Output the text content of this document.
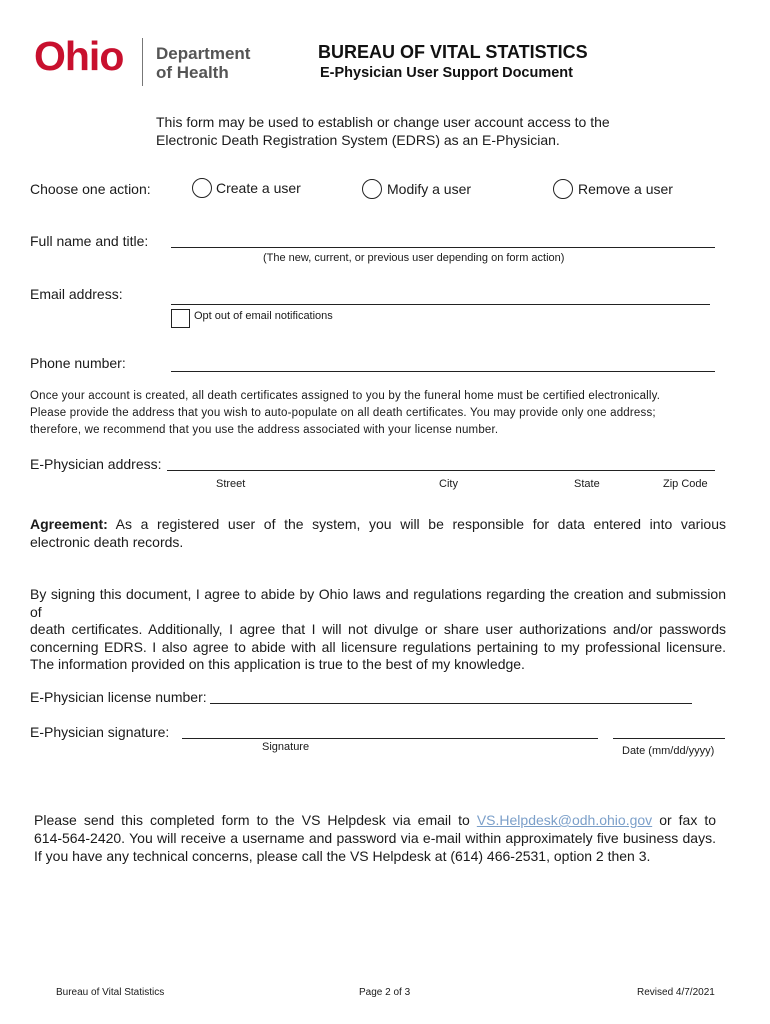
Ohio Department
of Health
BUREAU OF VITAL STATISTICS
E-Physician User Support Document
This form may be used to establish or change user account access to the
Electronic Death Registration System (EDRS) as an E-Physician.
Choose one action:	Create a user	Modify a user	Remove a user
Full name and title:
(The new, current, or previous user depending on form action)
Email address:
Opt out of email notifications
Phone number:
Once your account is created, all death certificates assigned to you by the funeral home must be certified electronically.
Please provide the address that you wish to auto-populate on all death certificates. You may provide only one address;
therefore, we recommend that you use the address associated with your license number.
E-Physician address:
Street	City	State	Zip Code
Agreement: As a registered user of the system, you will be responsible for data entered into various
electronic death records.
By signing this document, I agree to abide by Ohio laws and regulations regarding the creation and submission of
death certificates. Additionally, I agree that I will not divulge or share user authorizations and/or passwords
concerning EDRS. I also agree to abide with all licensure regulations pertaining to my professional licensure.
The information provided on this application is true to the best of my knowledge.
E-Physician license number:
E-Physician signature:
Signature	Date (mm/dd/yyyy)
Please send this completed form to the VS Helpdesk via email to VS.Helpdesk@odh.ohio.gov or fax to
614-564-2420. You will receive a username and password via e-mail within approximately five business days.
If you have any technical concerns, please call the VS Helpdesk at (614) 466-2531, option 2 then 3.
Bureau of Vital Statistics	Page 2 of 3	Revised 4/7/2021
